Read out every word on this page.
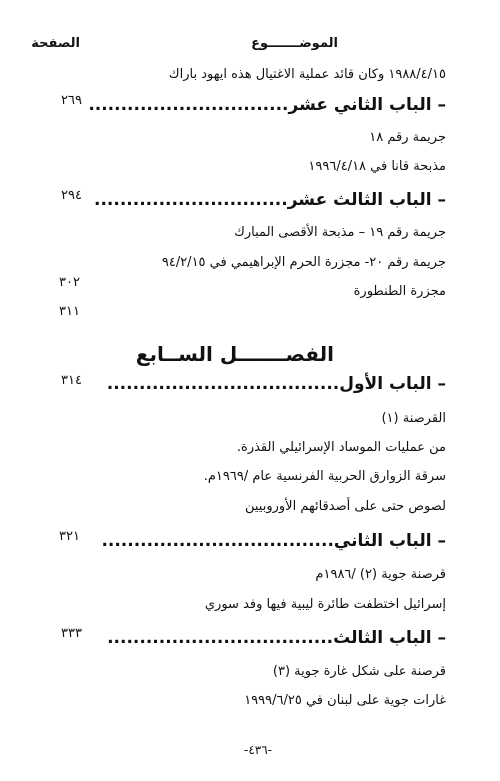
الموضـــــــوع
الصفحة
١٩٨٨/٤/١٥ وكان قائد عملية الاغتيال هذه ايهود باراك
– الباب الثاني عشر...............................
٢٦٩
جريمة رقم ١٨
مذبحة قانا في ١٩٩٦/٤/١٨
– الباب الثالث عشر..............................
٢٩٤
جريمة رقم ١٩ – مذبحة الأقصى المبارك
جريمة رقم ٢٠- مجزرة الحرم الإبراهيمي في ٩٤/٢/١٥
٣٠٢
مجزرة الطنطورة
٣١١
الفصـــــــل الســابع
– الباب الأول....................................
٣١٤
القرصنة (١)
من عمليات الموساد الإسرائيلي القذرة.
سرقة الزوارق الحربية الفرنسية عام /١٩٦٩م.
لصوص حتى على أصدقائهم الأوروبيين
– الباب الثاني....................................
٣٢١
قرصنة جوية (٢) /١٩٨٦م
إسرائيل اختطفت طائرة ليبية فيها وفد سوري
– الباب الثالث...................................
٣٣٣
قرصنة على شكل غارة جوية (٣)
غارات جوية على لبنان في ١٩٩٩/٦/٢٥
-٤٣٦-
